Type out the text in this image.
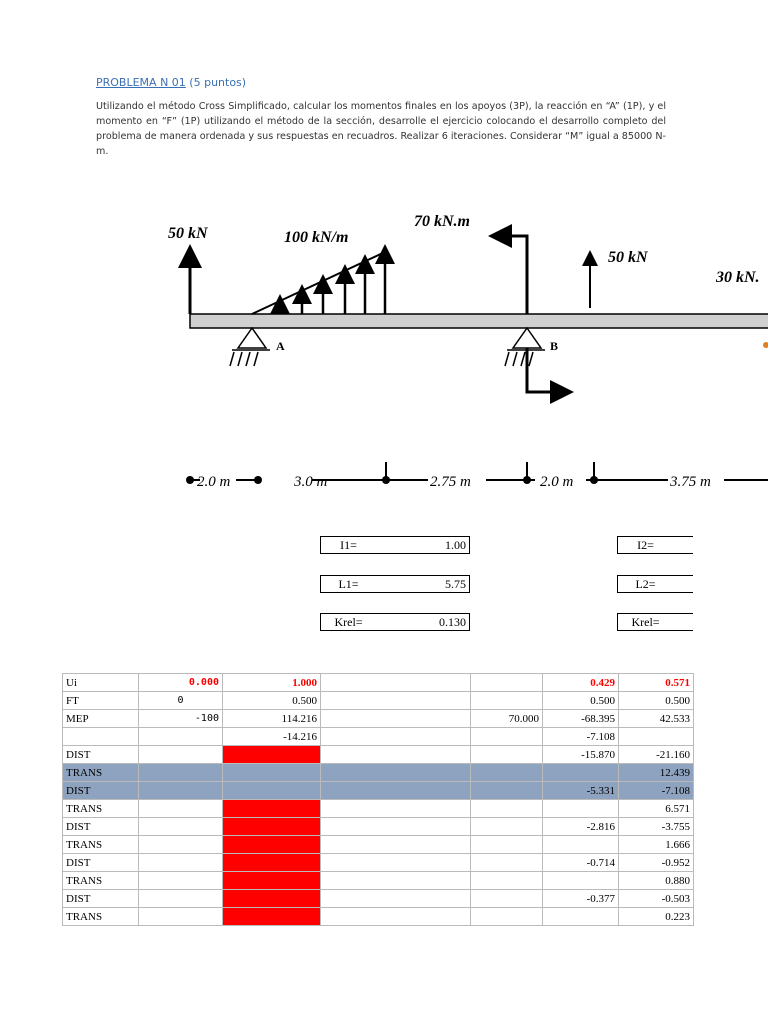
PROBLEMA N 01 (5 puntos)
Utilizando el método Cross Simplificado, calcular los momentos finales en los apoyos (3P), la reacción en “A” (1P), y el momento en “F” (1P) utilizando el método de la sección, desarrolle el ejercicio colocando el desarrollo completo del problema de manera ordenada y sus respuestas en recuadros. Realizar 6 iteraciones. Considerar “M” igual a 85000 N-m.
50 kN	100 kN/m
A
70 kN.m
B
50 kN
30 kN.
2.0 m	3.0 m	2.75 m	2.0 m	3.75 m
I1=	1.00
L1=	5.75
Krel=	0.130
I2=
L2=
Krel=
Ui	0.000	1.000			0.429	0.571
FT	0	0.500			0.500	0.500
MEP	-100	114.216		70.000	-68.395	42.533
		-14.216			-7.108	
DIST					-15.870	-21.160
TRANS						12.439
DIST					-5.331	-7.108
TRANS						6.571
DIST					-2.816	-3.755
TRANS						1.666
DIST					-0.714	-0.952
TRANS						0.880
DIST					-0.377	-0.503
TRANS						0.223
